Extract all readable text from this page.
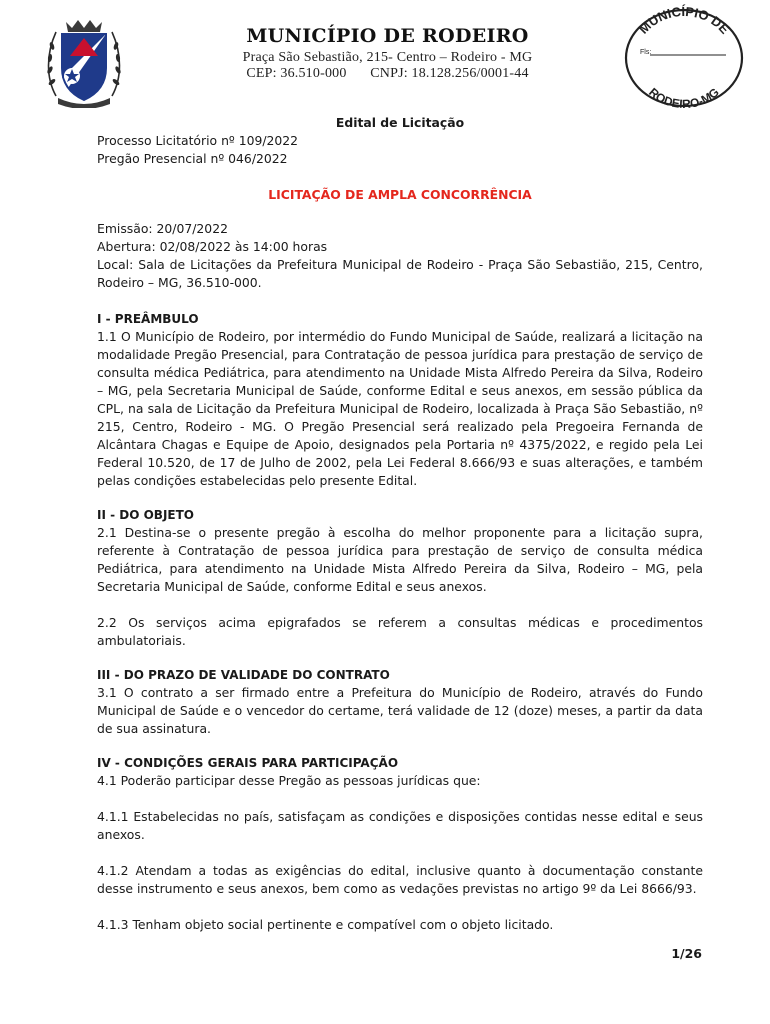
MUNICÍPIO DE RODEIRO
Praça São Sebastião, 215- Centro – Rodeiro - MG
CEP: 36.510-000 CNPJ: 18.128.256/0001-44
MUNICÍPIO DE
Fls:
RODEIRO-MG

Edital de Licitação

Processo Licitatório nº 109/2022

Pregão Presencial nº 046/2022

LICITAÇÃO DE AMPLA CONCORRÊNCIA

Emissão: 20/07/2022

Abertura: 02/08/2022 às 14:00 horas

Local: Sala de Licitações da Prefeitura Municipal de Rodeiro - Praça São Sebastião, 215, Centro, Rodeiro – MG, 36.510-000.

I - PREÂMBULO

1.1 O Município de Rodeiro, por intermédio do Fundo Municipal de Saúde, realizará a licitação na modalidade Pregão Presencial, para Contratação de pessoa jurídica para prestação de serviço de consulta médica Pediátrica, para atendimento na Unidade Mista Alfredo Pereira da Silva, Rodeiro – MG, pela Secretaria Municipal de Saúde, conforme Edital e seus anexos, em sessão pública da CPL, na sala de Licitação da Prefeitura Municipal de Rodeiro, localizada à Praça São Sebastião, nº 215, Centro, Rodeiro - MG. O Pregão Presencial será realizado pela Pregoeira Fernanda de Alcântara Chagas e Equipe de Apoio, designados pela Portaria nº 4375/2022, e regido pela Lei Federal 10.520, de 17 de Julho de 2002, pela Lei Federal 8.666/93 e suas alterações, e também pelas condições estabelecidas pelo presente Edital.

II - DO OBJETO

2.1 Destina-se o presente pregão à escolha do melhor proponente para a licitação supra, referente à Contratação de pessoa jurídica para prestação de serviço de consulta médica Pediátrica, para atendimento na Unidade Mista Alfredo Pereira da Silva, Rodeiro – MG, pela Secretaria Municipal de Saúde, conforme Edital e seus anexos.

2.2 Os serviços acima epigrafados se referem a consultas médicas e procedimentos ambulatoriais.

III - DO PRAZO DE VALIDADE DO CONTRATO

3.1 O contrato a ser firmado entre a Prefeitura do Município de Rodeiro, através do Fundo Municipal de Saúde e o vencedor do certame, terá validade de 12 (doze) meses, a partir da data de sua assinatura.

IV - CONDIÇÕES GERAIS PARA PARTICIPAÇÃO

4.1 Poderão participar desse Pregão as pessoas jurídicas que:

4.1.1 Estabelecidas no país, satisfaçam as condições e disposições contidas nesse edital e seus anexos.

4.1.2 Atendam a todas as exigências do edital, inclusive quanto à documentação constante desse instrumento e seus anexos, bem como as vedações previstas no artigo 9º da Lei 8666/93.

4.1.3 Tenham objeto social pertinente e compatível com o objeto licitado.

1/26
